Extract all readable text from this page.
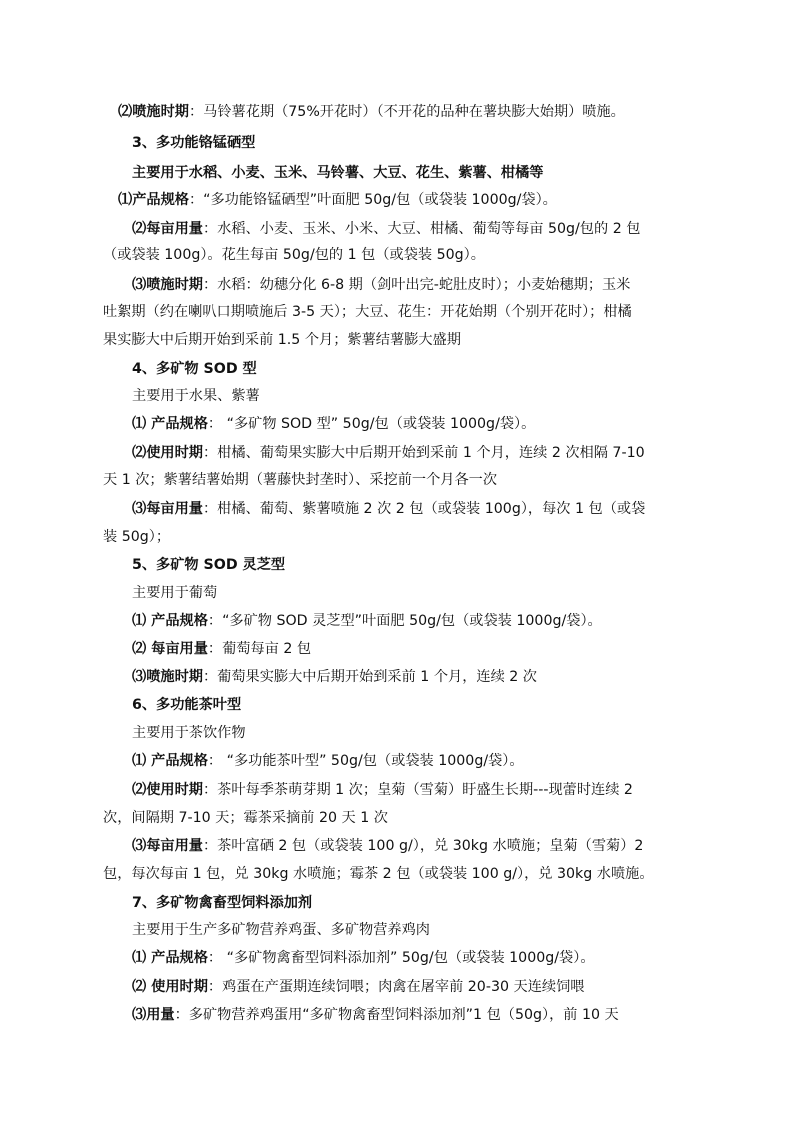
⑵喷施时期：马铃薯花期（75%开花时）（不开花的品种在薯块膨大始期）喷施。
3、多功能铬锰硒型
主要用于水稻、小麦、玉米、马铃薯、大豆、花生、紫薯、柑橘等
⑴产品规格：“多功能铬锰硒型”叶面肥 50g/包（或袋装 1000g/袋）。
⑵每亩用量：水稻、小麦、玉米、小米、大豆、柑橘、葡萄等每亩 50g/包的 2 包
（或袋装 100g）。花生每亩 50g/包的 1 包（或袋装 50g）。
⑶喷施时期：水稻：幼穗分化 6-8 期（剑叶出完-蛇肚皮时）；小麦始穗期；玉米
吐絮期（约在喇叭口期喷施后 3-5 天）；大豆、花生：开花始期（个别开花时）；柑橘
果实膨大中后期开始到采前 1.5 个月；紫薯结薯膨大盛期
4、多矿物 SOD 型
主要用于水果、紫薯
⑴ 产品规格： “多矿物 SOD 型” 50g/包（或袋装 1000g/袋）。
⑵使用时期：柑橘、葡萄果实膨大中后期开始到采前 1 个月，连续 2 次相隔 7-10
天 1 次；紫薯结薯始期（薯藤快封垄时）、采挖前一个月各一次
⑶每亩用量：柑橘、葡萄、紫薯喷施 2 次 2 包（或袋装 100g），每次 1 包（或袋
装 50g）；
5、多矿物 SOD 灵芝型
主要用于葡萄
⑴ 产品规格：“多矿物 SOD 灵芝型”叶面肥 50g/包（或袋装 1000g/袋）。
⑵ 每亩用量：葡萄每亩 2 包
⑶喷施时期：葡萄果实膨大中后期开始到采前 1 个月，连续 2 次
6、多功能茶叶型
主要用于茶饮作物
⑴ 产品规格： “多功能茶叶型” 50g/包（或袋装 1000g/袋）。
⑵使用时期：茶叶每季茶萌芽期 1 次；皇菊（雪菊）盱盛生长期---现蕾时连续 2
次，间隔期 7-10 天；霉茶采摘前 20 天 1 次
⑶每亩用量：茶叶富硒 2 包（或袋装 100 g/），兑 30kg 水喷施；皇菊（雪菊）2
包，每次每亩 1 包，兑 30kg 水喷施；霉茶 2 包（或袋装 100 g/），兑 30kg 水喷施。
7、多矿物禽畜型饲料添加剂
主要用于生产多矿物营养鸡蛋、多矿物营养鸡肉
⑴ 产品规格： “多矿物禽畜型饲料添加剂” 50g/包（或袋装 1000g/袋）。
⑵ 使用时期：鸡蛋在产蛋期连续饲喂；肉禽在屠宰前 20-30 天连续饲喂
⑶用量：多矿物营养鸡蛋用“多矿物禽畜型饲料添加剂”1 包（50g），前 10 天
